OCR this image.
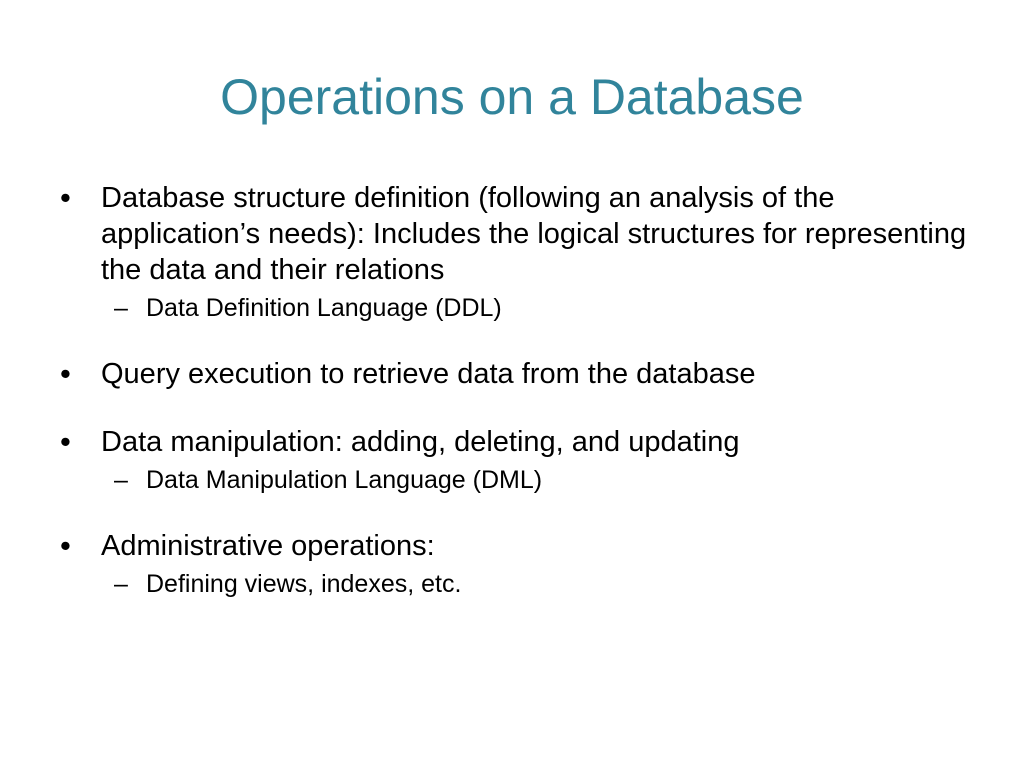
Operations on a Database
• Database structure definition (following an analysis of the application’s needs): Includes the logical structures for representing the data and their relations
– Data Definition Language (DDL)
• Query execution to retrieve data from the database
• Data manipulation: adding, deleting, and updating
– Data Manipulation Language (DML)
• Administrative operations:
– Defining views, indexes, etc.
